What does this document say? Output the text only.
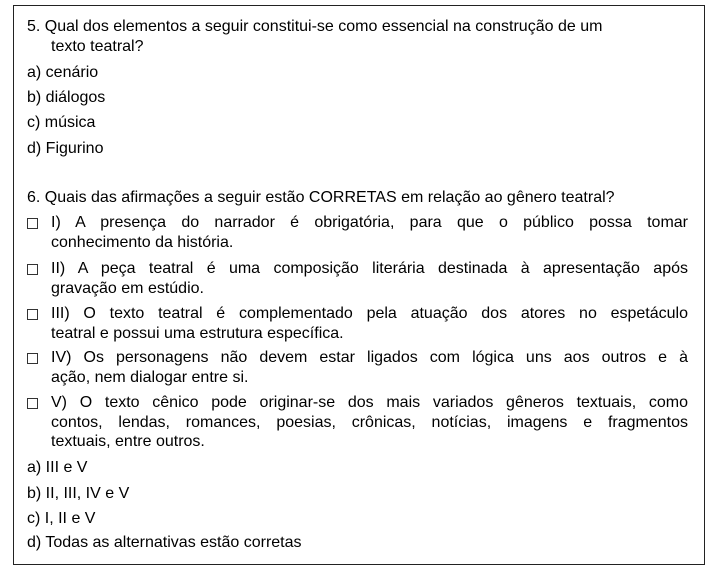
5. Qual dos elementos a seguir constitui-se como essencial na construção de um
texto teatral?
a) cenário
b) diálogos
c) música
d) Figurino
6. Quais das afirmações a seguir estão CORRETAS em relação ao gênero teatral?
I) A presença do narrador é obrigatória, para que o público possa tomar
conhecimento da história.
II) A peça teatral é uma composição literária destinada à apresentação após
gravação em estúdio.
III) O texto teatral é complementado pela atuação dos atores no espetáculo
teatral e possui uma estrutura específica.
IV) Os personagens não devem estar ligados com lógica uns aos outros e à
ação, nem dialogar entre si.
V) O texto cênico pode originar-se dos mais variados gêneros textuais, como
contos, lendas, romances, poesias, crônicas, notícias, imagens e fragmentos
textuais, entre outros.
a) III e V
b) II, III, IV e V
c) I, II e V
d) Todas as alternativas estão corretas
